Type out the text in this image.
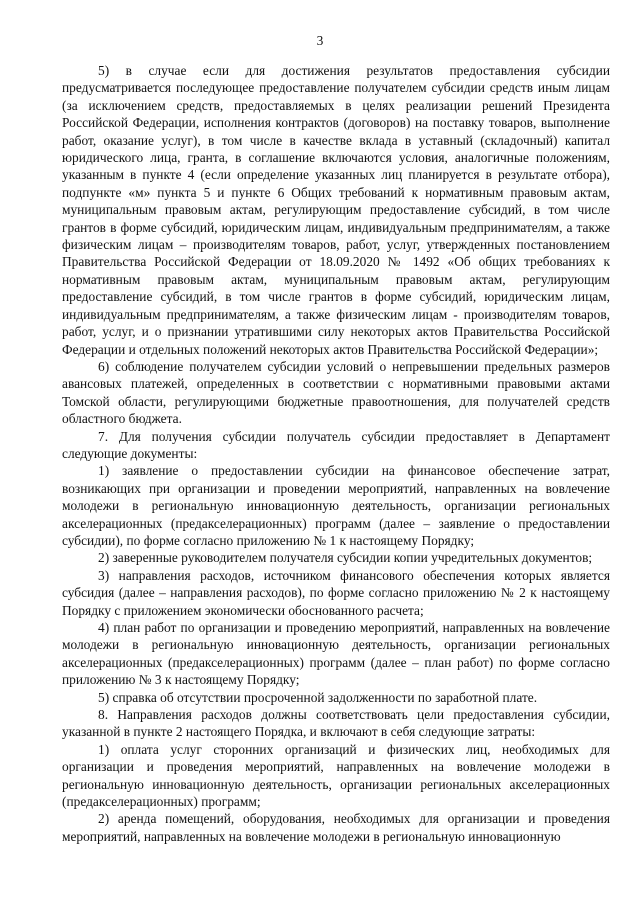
3

5) в случае если для достижения результатов предоставления субсидии предусматривается последующее предоставление получателем субсидии средств иным лицам (за исключением средств, предоставляемых в целях реализации решений Президента Российской Федерации, исполнения контрактов (договоров) на поставку товаров, выполнение работ, оказание услуг), в том числе в качестве вклада в уставный (складочный) капитал юридического лица, гранта, в соглашение включаются условия, аналогичные положениям, указанным в пункте 4 (если определение указанных лиц планируется в результате отбора), подпункте «м» пункта 5 и пункте 6 Общих требований к нормативным правовым актам, муниципальным правовым актам, регулирующим предоставление субсидий, в том числе грантов в форме субсидий, юридическим лицам, индивидуальным предпринимателям, а также физическим лицам – производителям товаров, работ, услуг, утвержденных постановлением Правительства Российской Федерации от 18.09.2020 № 1492 «Об общих требованиях к нормативным правовым актам, муниципальным правовым актам, регулирующим предоставление субсидий, в том числе грантов в форме субсидий, юридическим лицам, индивидуальным предпринимателям, а также физическим лицам - производителям товаров, работ, услуг, и о признании утратившими силу некоторых актов Правительства Российской Федерации и отдельных положений некоторых актов Правительства Российской Федерации»;

6) соблюдение получателем субсидии условий о непревышении предельных размеров авансовых платежей, определенных в соответствии с нормативными правовыми актами Томской области, регулирующими бюджетные правоотношения, для получателей средств областного бюджета.

7. Для получения субсидии получатель субсидии предоставляет в Департамент следующие документы:

1) заявление о предоставлении субсидии на финансовое обеспечение затрат, возникающих при организации и проведении мероприятий, направленных на вовлечение молодежи в региональную инновационную деятельность, организации региональных акселерационных (предакселерационных) программ (далее – заявление о предоставлении субсидии), по форме согласно приложению № 1 к настоящему Порядку;

2) заверенные руководителем получателя субсидии копии учредительных документов;

3) направления расходов, источником финансового обеспечения которых является субсидия (далее – направления расходов), по форме согласно приложению № 2 к настоящему Порядку с приложением экономически обоснованного расчета;

4) план работ по организации и проведению мероприятий, направленных на вовлечение молодежи в региональную инновационную деятельность, организации региональных акселерационных (предакселерационных) программ (далее – план работ) по форме согласно приложению № 3 к настоящему Порядку;

5) справка об отсутствии просроченной задолженности по заработной плате.

8. Направления расходов должны соответствовать цели предоставления субсидии, указанной в пункте 2 настоящего Порядка, и включают в себя следующие затраты:

1) оплата услуг сторонних организаций и физических лиц, необходимых для организации и проведения мероприятий, направленных на вовлечение молодежи в региональную инновационную деятельность, организации региональных акселерационных (предакселерационных) программ;

2) аренда помещений, оборудования, необходимых для организации и проведения мероприятий, направленных на вовлечение молодежи в региональную инновационную
